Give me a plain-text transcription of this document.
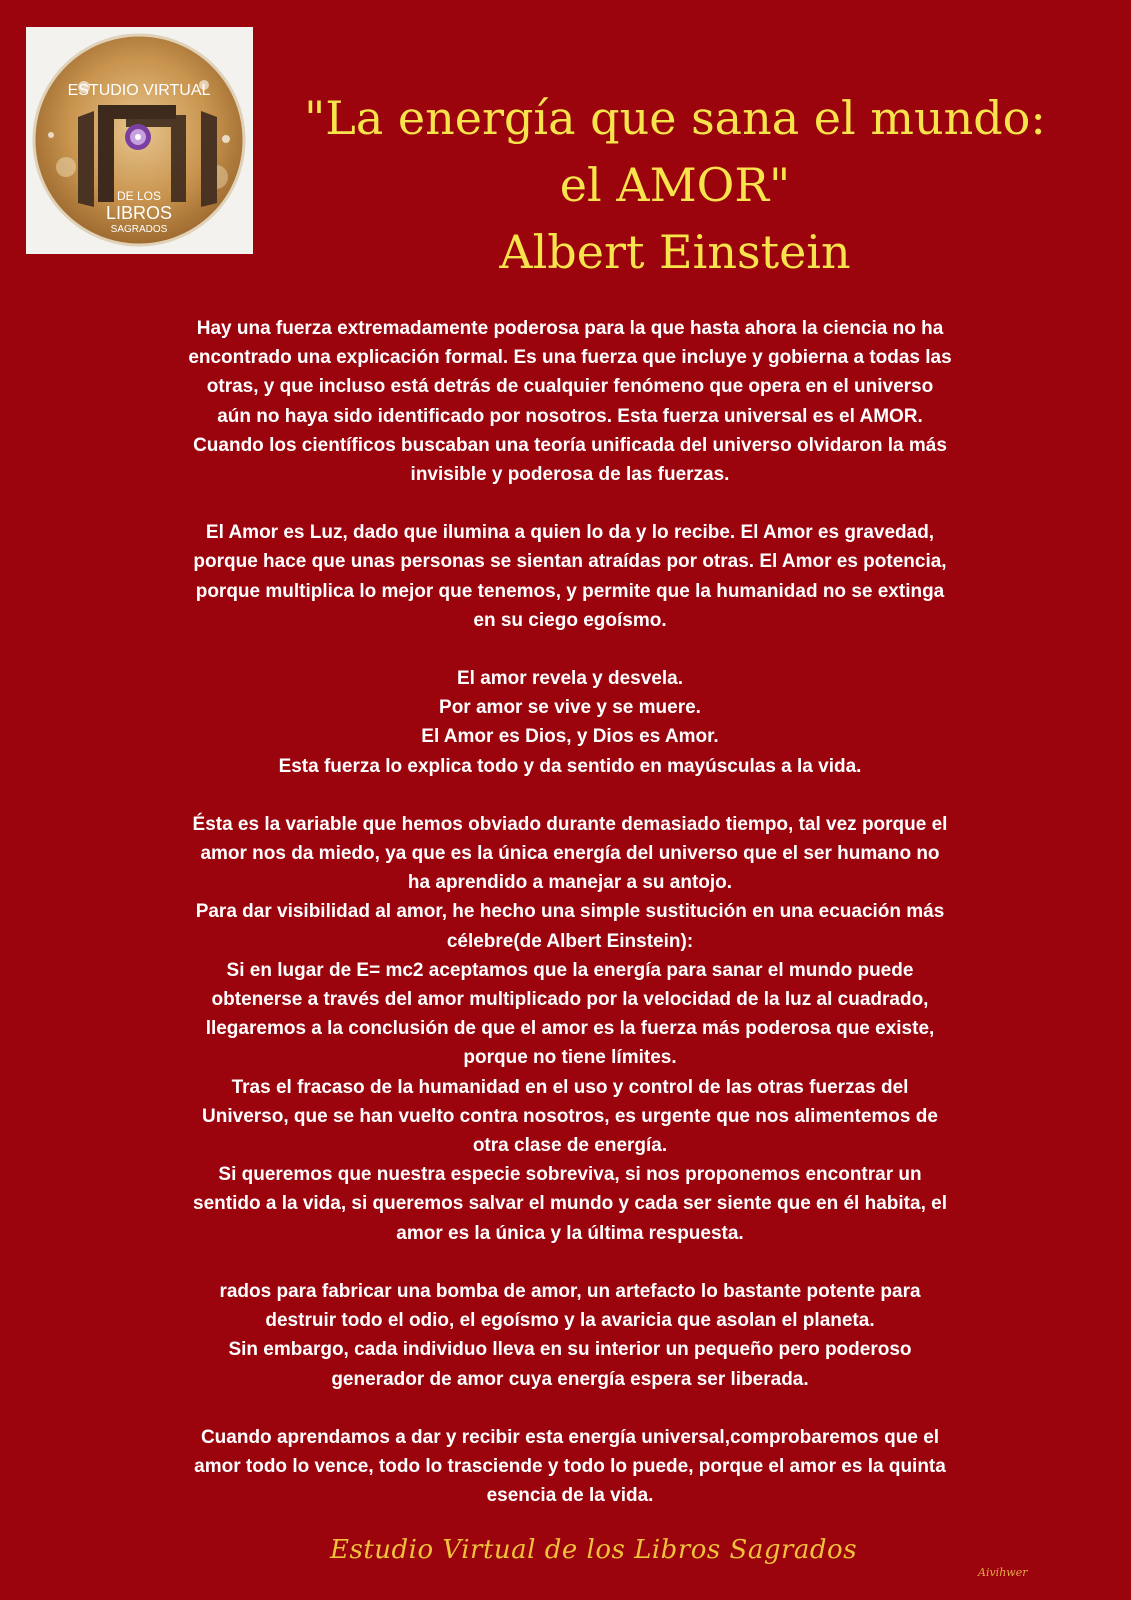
ESTUDIO VIRTUAL
DE LOS
LIBROS
SAGRADOS
"La energía que sana el mundo:
el AMOR"
Albert Einstein
Hay una fuerza extremadamente poderosa para la que hasta ahora la ciencia no ha
encontrado una explicación formal. Es una fuerza que incluye y gobierna a todas las
otras, y que incluso está detrás de cualquier fenómeno que opera en el universo
aún no haya sido identificado por nosotros. Esta fuerza universal es el AMOR.
Cuando los científicos buscaban una teoría unificada del universo olvidaron la más
invisible y poderosa de las fuerzas.
El Amor es Luz, dado que ilumina a quien lo da y lo recibe. El Amor es gravedad,
porque hace que unas personas se sientan atraídas por otras. El Amor es potencia,
porque multiplica lo mejor que tenemos, y permite que la humanidad no se extinga
en su ciego egoísmo.
El amor revela y desvela.
Por amor se vive y se muere.
El Amor es Dios, y Dios es Amor.
Esta fuerza lo explica todo y da sentido en mayúsculas a la vida.
Ésta es la variable que hemos obviado durante demasiado tiempo, tal vez porque el
amor nos da miedo, ya que es la única energía del universo que el ser humano no
ha aprendido a manejar a su antojo.
Para dar visibilidad al amor, he hecho una simple sustitución en una ecuación más
célebre(de Albert Einstein):
Si en lugar de E= mc2 aceptamos que la energía para sanar el mundo puede
obtenerse a través del amor multiplicado por la velocidad de la luz al cuadrado,
llegaremos a la conclusión de que el amor es la fuerza más poderosa que existe,
porque no tiene límites.
Tras el fracaso de la humanidad en el uso y control de las otras fuerzas del
Universo, que se han vuelto contra nosotros, es urgente que nos alimentemos de
otra clase de energía.
Si queremos que nuestra especie sobreviva, si nos proponemos encontrar un
sentido a la vida, si queremos salvar el mundo y cada ser siente que en él habita, el
amor es la única y la última respuesta.
rados para fabricar una bomba de amor, un artefacto lo bastante potente para
destruir todo el odio, el egoísmo y la avaricia que asolan el planeta.
Sin embargo, cada individuo lleva en su interior un pequeño pero poderoso
generador de amor cuya energía espera ser liberada.
Cuando aprendamos a dar y recibir esta energía universal,comprobaremos que el
amor todo lo vence, todo lo trasciende y todo lo puede, porque el amor es la quinta
esencia de la vida.
Estudio Virtual de los Libros Sagrados
Aivihwer
